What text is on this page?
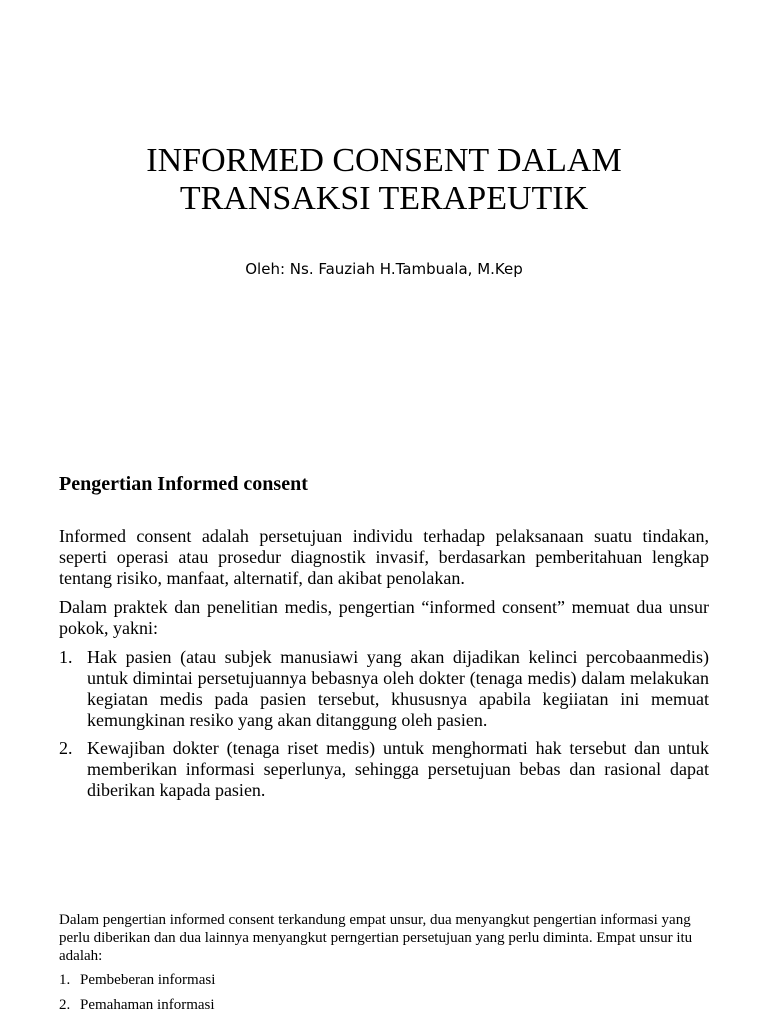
INFORMED CONSENT DALAM
TRANSAKSI TERAPEUTIK

Oleh: Ns. Fauziah H.Tambuala, M.Kep

Pengertian Informed consent

Informed consent adalah persetujuan individu terhadap pelaksanaan suatu tindakan, seperti operasi atau prosedur diagnostik invasif, berdasarkan pemberitahuan lengkap tentang risiko, manfaat, alternatif, dan akibat penolakan.

Dalam praktek dan penelitian medis, pengertian “informed consent” memuat dua unsur pokok, yakni:

1. Hak pasien (atau subjek manusiawi yang akan dijadikan kelinci percobaanmedis) untuk dimintai persetujuannya bebasnya oleh dokter (tenaga medis) dalam melakukan kegiatan medis pada pasien tersebut, khususnya apabila kegiiatan ini memuat kemungkinan resiko yang akan ditanggung oleh pasien.
2. Kewajiban dokter (tenaga riset medis) untuk menghormati hak tersebut dan untuk memberikan informasi seperlunya, sehingga persetujuan bebas dan rasional dapat diberikan kapada pasien.

Dalam pengertian informed consent terkandung empat unsur, dua menyangkut pengertian informasi yang perlu diberikan dan dua lainnya menyangkut perngertian persetujuan yang perlu diminta. Empat unsur itu adalah:

1. Pembeberan informasi
2. Pemahaman informasi
